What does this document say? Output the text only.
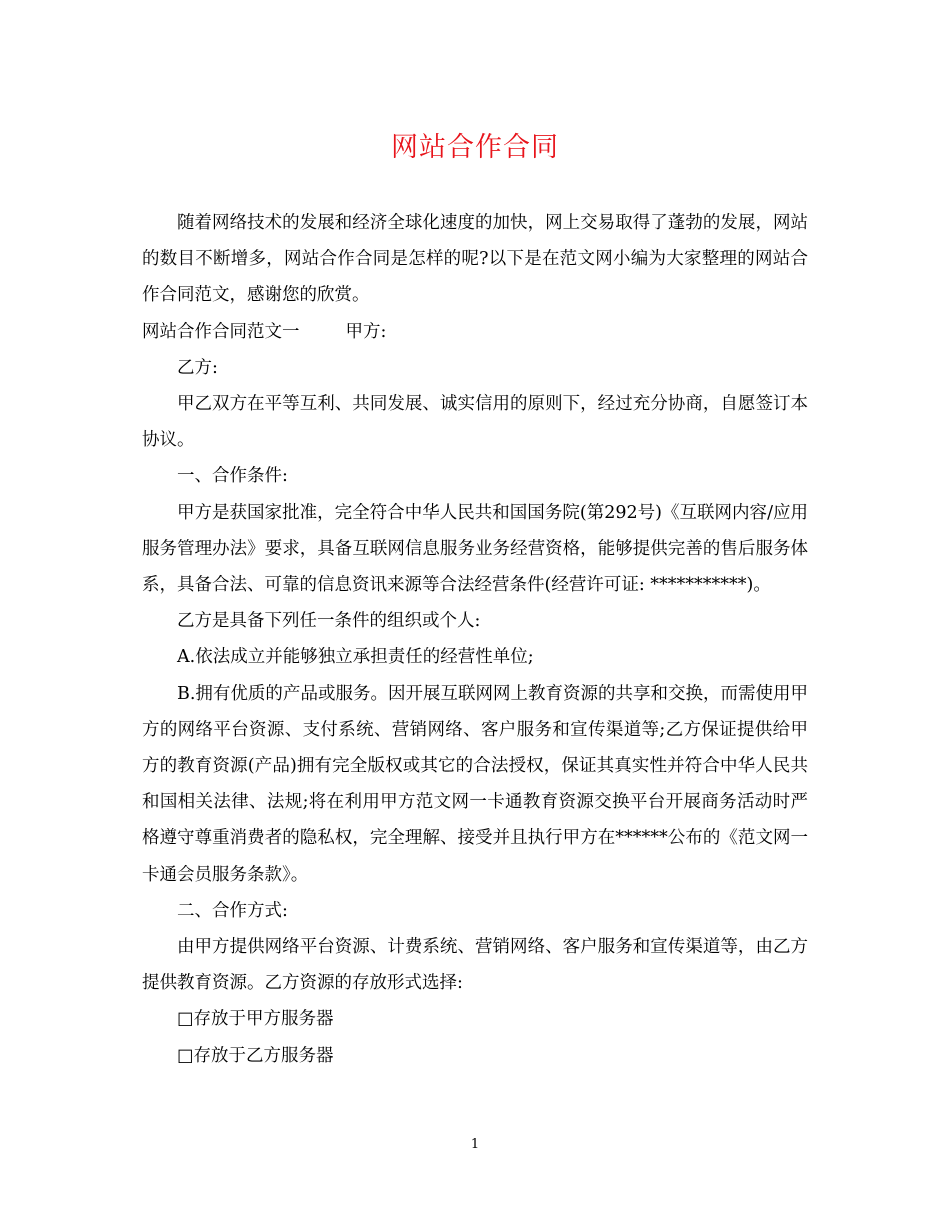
网站合作合同

随着网络技术的发展和经济全球化速度的加快，网上交易取得了蓬勃的发展，网站的数目不断增多，网站合作合同是怎样的呢?以下是在范文网小编为大家整理的网站合作合同范文，感谢您的欣赏。

网站合作合同范文一	甲方:

乙方:

甲乙双方在平等互利、共同发展、诚实信用的原则下，经过充分协商，自愿签订本协议。

一、合作条件:

甲方是获国家批准，完全符合中华人民共和国国务院(第292号)《互联网内容/应用服务管理办法》要求，具备互联网信息服务业务经营资格，能够提供完善的售后服务体系，具备合法、可靠的信息资讯来源等合法经营条件(经营许可证: ***********)。

乙方是具备下列任一条件的组织或个人:

A.依法成立并能够独立承担责任的经营性单位;

B.拥有优质的产品或服务。因开展互联网网上教育资源的共享和交换，而需使用甲方的网络平台资源、支付系统、营销网络、客户服务和宣传渠道等;乙方保证提供给甲方的教育资源(产品)拥有完全版权或其它的合法授权，保证其真实性并符合中华人民共和国相关法律、法规;将在利用甲方范文网一卡通教育资源交换平台开展商务活动时严格遵守尊重消费者的隐私权，完全理解、接受并且执行甲方在******公布的《范文网一卡通会员服务条款》。

二、合作方式:

由甲方提供网络平台资源、计费系统、营销网络、客户服务和宣传渠道等，由乙方提供教育资源。乙方资源的存放形式选择:

□存放于甲方服务器

□存放于乙方服务器

1
